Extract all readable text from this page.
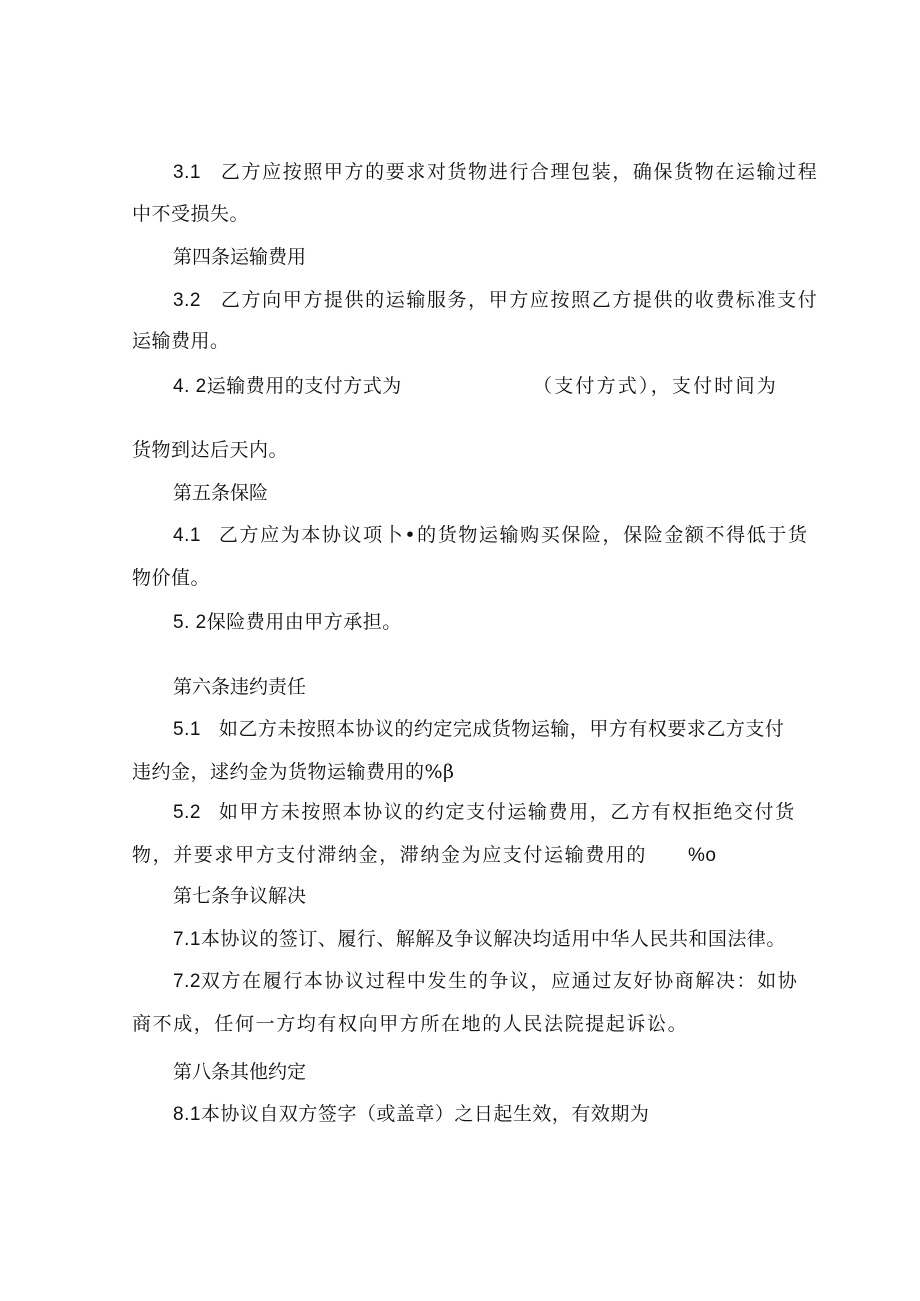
3.1 乙方应按照甲方的要求对货物进行合理包装，确保货物在运输过程
中不受损失。
第四条运输费用
3.2 乙方向甲方提供的运输服务，甲方应按照乙方提供的收费标准支付
运输费用。
4. 2运输费用的支付方式为	（支付方式），支付时间为
货物到达后天内。
第五条保险
4.1 乙方应为本协议项卜•的货物运输购买保险，保险金额不得低于货
物价值。
5. 2保险费用由甲方承担。
第六条违约责任
5.1 如乙方未按照本协议的约定完成货物运输，甲方有权要求乙方支付
违约金，逑约金为货物运输费用的%β
5.2 如甲方未按照本协议的约定支付运输费用，乙方有权拒绝交付货
物，并要求甲方支付滞纳金，滞纳金为应支付运输费用的 %o
第七条争议解决
7.1本协议的签订、履行、解解及争议解决均适用中华人民共和国法律。
7.2双方在履行本协议过程中发生的争议，应通过友好协商解决：如协
商不成，任何一方均有权向甲方所在地的人民法院提起诉讼。
第八条其他约定
8.1本协议自双方签字（或盖章）之日起生效，有效期为
